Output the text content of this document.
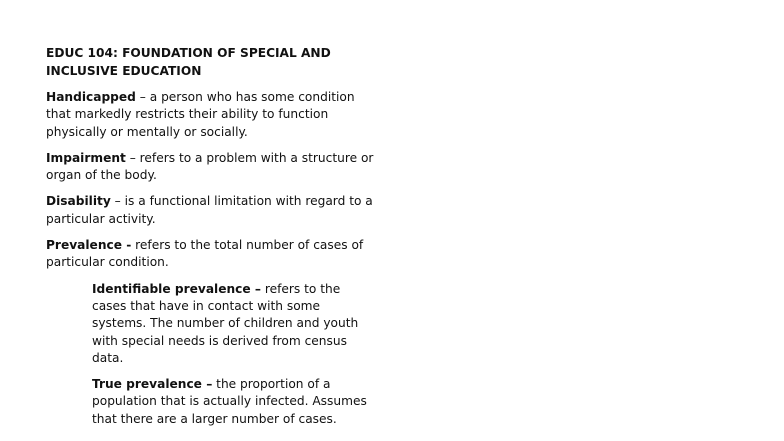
EDUC 104: FOUNDATION OF SPECIAL AND INCLUSIVE EDUCATION
Handicapped – a person who has some condition that markedly restricts their ability to function physically or mentally or socially.
Impairment – refers to a problem with a structure or organ of the body.
Disability – is a functional limitation with regard to a particular activity.
Prevalence - refers to the total number of cases of particular condition.
Identifiable prevalence – refers to the cases that have in contact with some systems. The number of children and youth with special needs is derived from census data.
True prevalence – the proportion of a population that is actually infected. Assumes that there are a larger number of cases.
